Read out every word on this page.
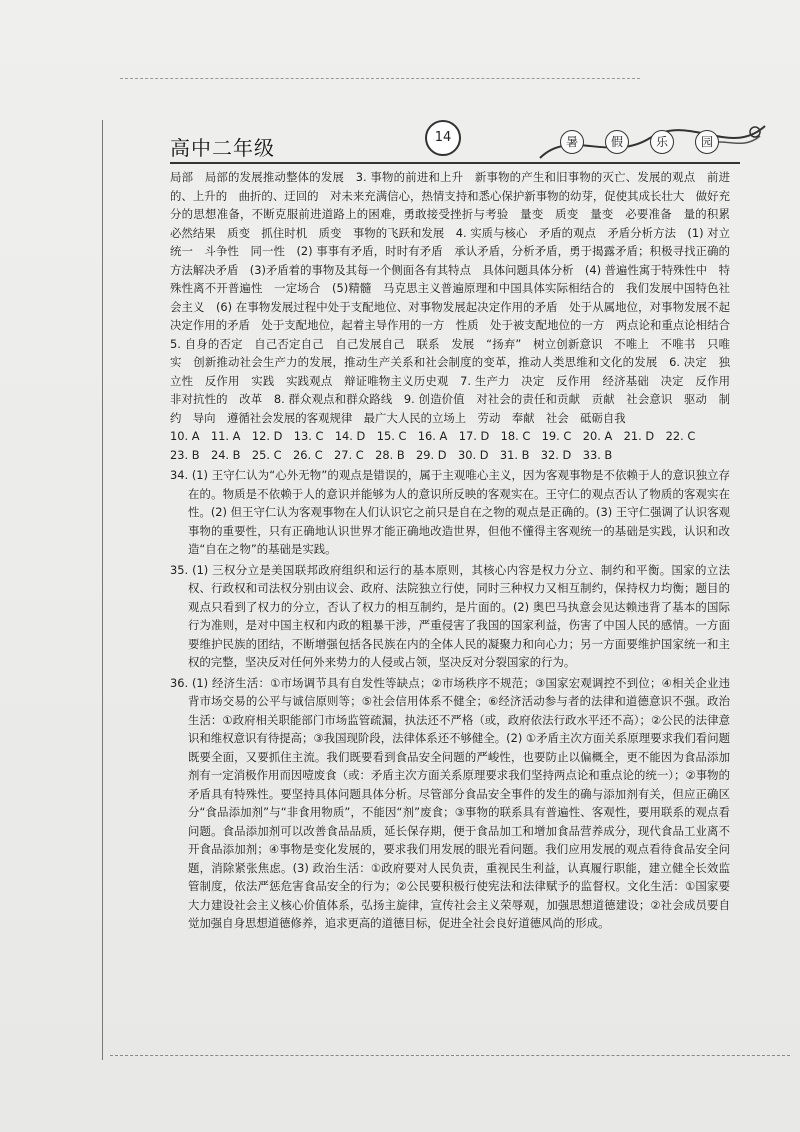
高中二年级	14	暑	假	乐	园

局部　局部的发展推动整体的发展　3. 事物的前进和上升　新事物的产生和旧事物的灭亡、发展的观点　前进的、上升的　曲折的、迂回的　对未来充满信心，热情支持和悉心保护新事物的幼芽，促使其成长壮大　做好充分的思想准备，不断克服前进道路上的困难，勇敢接受挫折与考验　量变　质变　量变　必要准备　量的积累　必然结果　质变　抓住时机　质变　事物的飞跃和发展　4. 实质与核心　矛盾的观点　矛盾分析方法　(1) 对立统一　斗争性　同一性　(2) 事事有矛盾，时时有矛盾　承认矛盾，分析矛盾，勇于揭露矛盾；积极寻找正确的方法解决矛盾　(3)矛盾着的事物及其每一个侧面各有其特点　具体问题具体分析　(4) 普遍性寓于特殊性中　特殊性离不开普遍性　一定场合　(5)精髓　马克思主义普遍原理和中国具体实际相结合的　我们发展中国特色社会主义　(6) 在事物发展过程中处于支配地位、对事物发展起决定作用的矛盾　处于从属地位，对事物发展不起决定作用的矛盾　处于支配地位，起着主导作用的一方　性质　处于被支配地位的一方　两点论和重点论相结合　5. 自身的否定　自己否定自己　自己发展自己　联系　发展　“扬弃”　树立创新意识　不唯上　不唯书　只唯实　创新推动社会生产力的发展，推动生产关系和社会制度的变革，推动人类思维和文化的发展　6. 决定　独立性　反作用　实践　实践观点　辩证唯物主义历史观　7. 生产力　决定　反作用　经济基础　决定　反作用　非对抗性的　改革　8. 群众观点和群众路线　9. 创造价值　对社会的责任和贡献　贡献　社会意识　驱动　制约　导向　遵循社会发展的客观规律　最广大人民的立场上　劳动　奉献　社会　砥砺自我

10. A　11. A　12. D　13. C　14. D　15. C　16. A　17. D　18. C　19. C　20. A　21. D　22. C

23. B　24. B　25. C　26. C　27. C　28. B　29. D　30. D　31. B　32. D　33. B

34. (1) 王守仁认为“心外无物”的观点是错误的，属于主观唯心主义，因为客观事物是不依赖于人的意识独立存在的。物质是不依赖于人的意识并能够为人的意识所反映的客观实在。王守仁的观点否认了物质的客观实在性。(2) 但王守仁认为客观事物在人们认识它之前只是自在之物的观点是正确的。(3) 王守仁强调了认识客观事物的重要性，只有正确地认识世界才能正确地改造世界，但他不懂得主客观统一的基础是实践，认识和改造“自在之物”的基础是实践。

35. (1) 三权分立是美国联邦政府组织和运行的基本原则，其核心内容是权力分立、制约和平衡。国家的立法权、行政权和司法权分别由议会、政府、法院独立行使，同时三种权力又相互制约，保持权力均衡；题目的观点只看到了权力的分立，否认了权力的相互制约，是片面的。(2) 奥巴马执意会见达赖违背了基本的国际行为准则，是对中国主权和内政的粗暴干涉，严重侵害了我国的国家利益，伤害了中国人民的感情。一方面要维护民族的团结，不断增强包括各民族在内的全体人民的凝聚力和向心力；另一方面要维护国家统一和主权的完整，坚决反对任何外来势力的人侵或占领，坚决反对分裂国家的行为。

36. (1) 经济生活：①市场调节具有自发性等缺点；②市场秩序不规范；③国家宏观调控不到位；④相关企业违背市场交易的公平与诚信原则等；⑤社会信用体系不健全；⑥经济活动参与者的法律和道德意识不强。政治生活：①政府相关职能部门市场监管疏漏，执法还不严格（或，政府依法行政水平还不高）；②公民的法律意识和维权意识有待提高；③我国现阶段，法律体系还不够健全。(2) ①矛盾主次方面关系原理要求我们看问题既要全面，又要抓住主流。我们既要看到食品安全问题的严峻性，也要防止以偏概全，更不能因为食品添加剂有一定消极作用而因噎废食（或：矛盾主次方面关系原理要求我们坚持两点论和重点论的统一）；②事物的矛盾具有特殊性。要坚持具体问题具体分析。尽管部分食品安全事件的发生的确与添加剂有关，但应正确区分“食品添加剂”与“非食用物质”，不能因“剂”废食；③事物的联系具有普遍性、客观性，要用联系的观点看问题。食品添加剂可以改善食品品质，延长保存期，便于食品加工和增加食品营养成分，现代食品工业离不开食品添加剂；④事物是变化发展的，要求我们用发展的眼光看问题。我们应用发展的观点看待食品安全问题，消除紧张焦虑。(3) 政治生活：①政府要对人民负责，重视民生利益，认真履行职能，建立健全长效监管制度，依法严惩危害食品安全的行为；②公民要积极行使宪法和法律赋予的监督权。文化生活：①国家要大力建设社会主义核心价值体系，弘扬主旋律，宣传社会主义荣辱观，加强思想道德建设；②社会成员要自觉加强自身思想道德修养，追求更高的道德目标，促进全社会良好道德风尚的形成。
